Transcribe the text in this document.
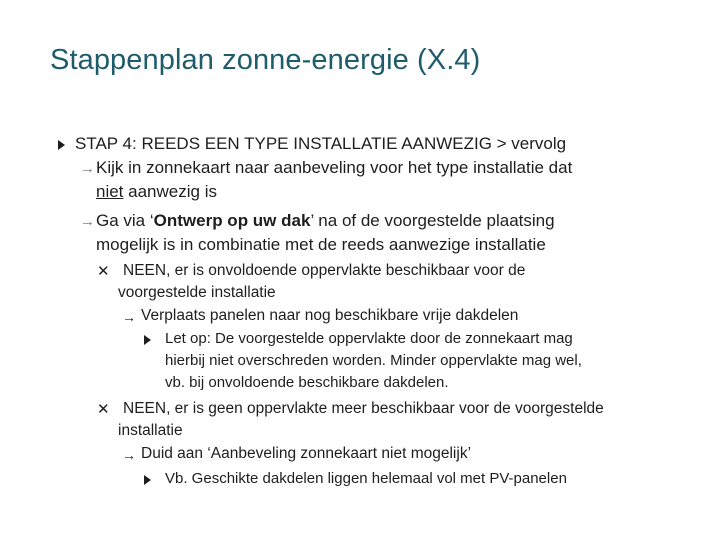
Stappenplan zonne-energie (X.4)
STAP 4: REEDS EEN TYPE INSTALLATIE AANWEZIG > vervolg
→ Kijk in zonnekaart naar aanbeveling voor het type installatie dat
niet aanwezig is
→ Ga via ‘Ontwerp op uw dak’ na of de voorgestelde plaatsing
mogelijk is in combinatie met de reeds aanwezige installatie
✕ NEEN, er is onvoldoende oppervlakte beschikbaar voor de
voorgestelde installatie
→ Verplaats panelen naar nog beschikbare vrije dakdelen
Let op: De voorgestelde oppervlakte door de zonnekaart mag
hierbij niet overschreden worden. Minder oppervlakte mag wel,
vb. bij onvoldoende beschikbare dakdelen.
✕ NEEN, er is geen oppervlakte meer beschikbaar voor de voorgestelde
installatie
→ Duid aan ‘Aanbeveling zonnekaart niet mogelijk’
Vb. Geschikte dakdelen liggen helemaal vol met PV-panelen
